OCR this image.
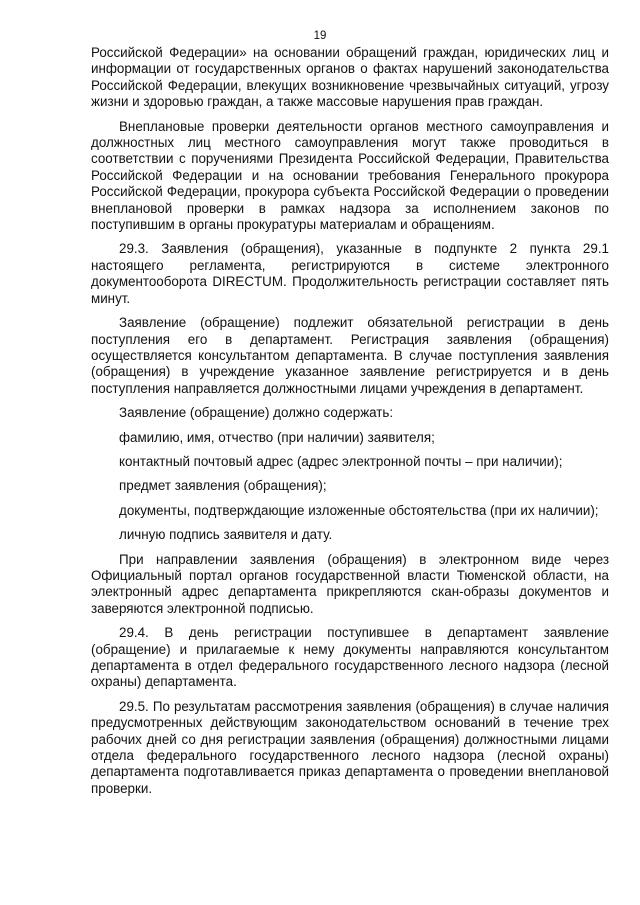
19

Российской Федерации» на основании обращений граждан, юридических лиц и информации от государственных органов о фактах нарушений законодательства Российской Федерации, влекущих возникновение чрезвычайных ситуаций, угрозу жизни и здоровью граждан, а также массовые нарушения прав граждан.

Внеплановые проверки деятельности органов местного самоуправления и должностных лиц местного самоуправления могут также проводиться в соответствии с поручениями Президента Российской Федерации, Правительства Российской Федерации и на основании требования Генерального прокурора Российской Федерации, прокурора субъекта Российской Федерации о проведении внеплановой проверки в рамках надзора за исполнением законов по поступившим в органы прокуратуры материалам и обращениям.

29.3. Заявления (обращения), указанные в подпункте 2 пункта 29.1 настоящего регламента, регистрируются в системе электронного документооборота DIRECTUM. Продолжительность регистрации составляет пять минут.

Заявление (обращение) подлежит обязательной регистрации в день поступления его в департамент. Регистрация заявления (обращения) осуществляется консультантом департамента. В случае поступления заявления (обращения) в учреждение указанное заявление регистрируется и в день поступления направляется должностными лицами учреждения в департамент.

Заявление (обращение) должно содержать:

фамилию, имя, отчество (при наличии) заявителя;

контактный почтовый адрес (адрес электронной почты – при наличии);

предмет заявления (обращения);

документы, подтверждающие изложенные обстоятельства (при их наличии);

личную подпись заявителя и дату.

При направлении заявления (обращения) в электронном виде через Официальный портал органов государственной власти Тюменской области, на электронный адрес департамента прикрепляются скан-образы документов и заверяются электронной подписью.

29.4. В день регистрации поступившее в департамент заявление (обращение) и прилагаемые к нему документы направляются консультантом департамента в отдел федерального государственного лесного надзора (лесной охраны) департамента.

29.5. По результатам рассмотрения заявления (обращения) в случае наличия предусмотренных действующим законодательством оснований в течение трех рабочих дней со дня регистрации заявления (обращения) должностными лицами отдела федерального государственного лесного надзора (лесной охраны) департамента подготавливается приказ департамента о проведении внеплановой проверки.
